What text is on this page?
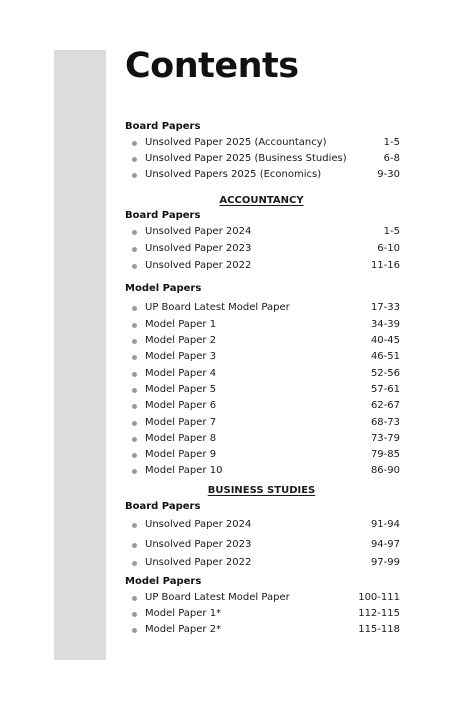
Contents
Board Papers
Unsolved Paper 2025 (Accountancy)	1-5
Unsolved Paper 2025 (Business Studies)	6-8
Unsolved Papers 2025 (Economics)	9-30
ACCOUNTANCY
Board Papers
Unsolved Paper 2024	1-5
Unsolved Paper 2023	6-10
Unsolved Paper 2022	11-16
Model Papers
UP Board Latest Model Paper	17-33
Model Paper 1	34-39
Model Paper 2	40-45
Model Paper 3	46-51
Model Paper 4	52-56
Model Paper 5	57-61
Model Paper 6	62-67
Model Paper 7	68-73
Model Paper 8	73-79
Model Paper 9	79-85
Model Paper 10	86-90
BUSINESS STUDIES
Board Papers
Unsolved Paper 2024	91-94
Unsolved Paper 2023	94-97
Unsolved Paper 2022	97-99
Model Papers
UP Board Latest Model Paper	100-111
Model Paper 1*	112-115
Model Paper 2*	115-118
